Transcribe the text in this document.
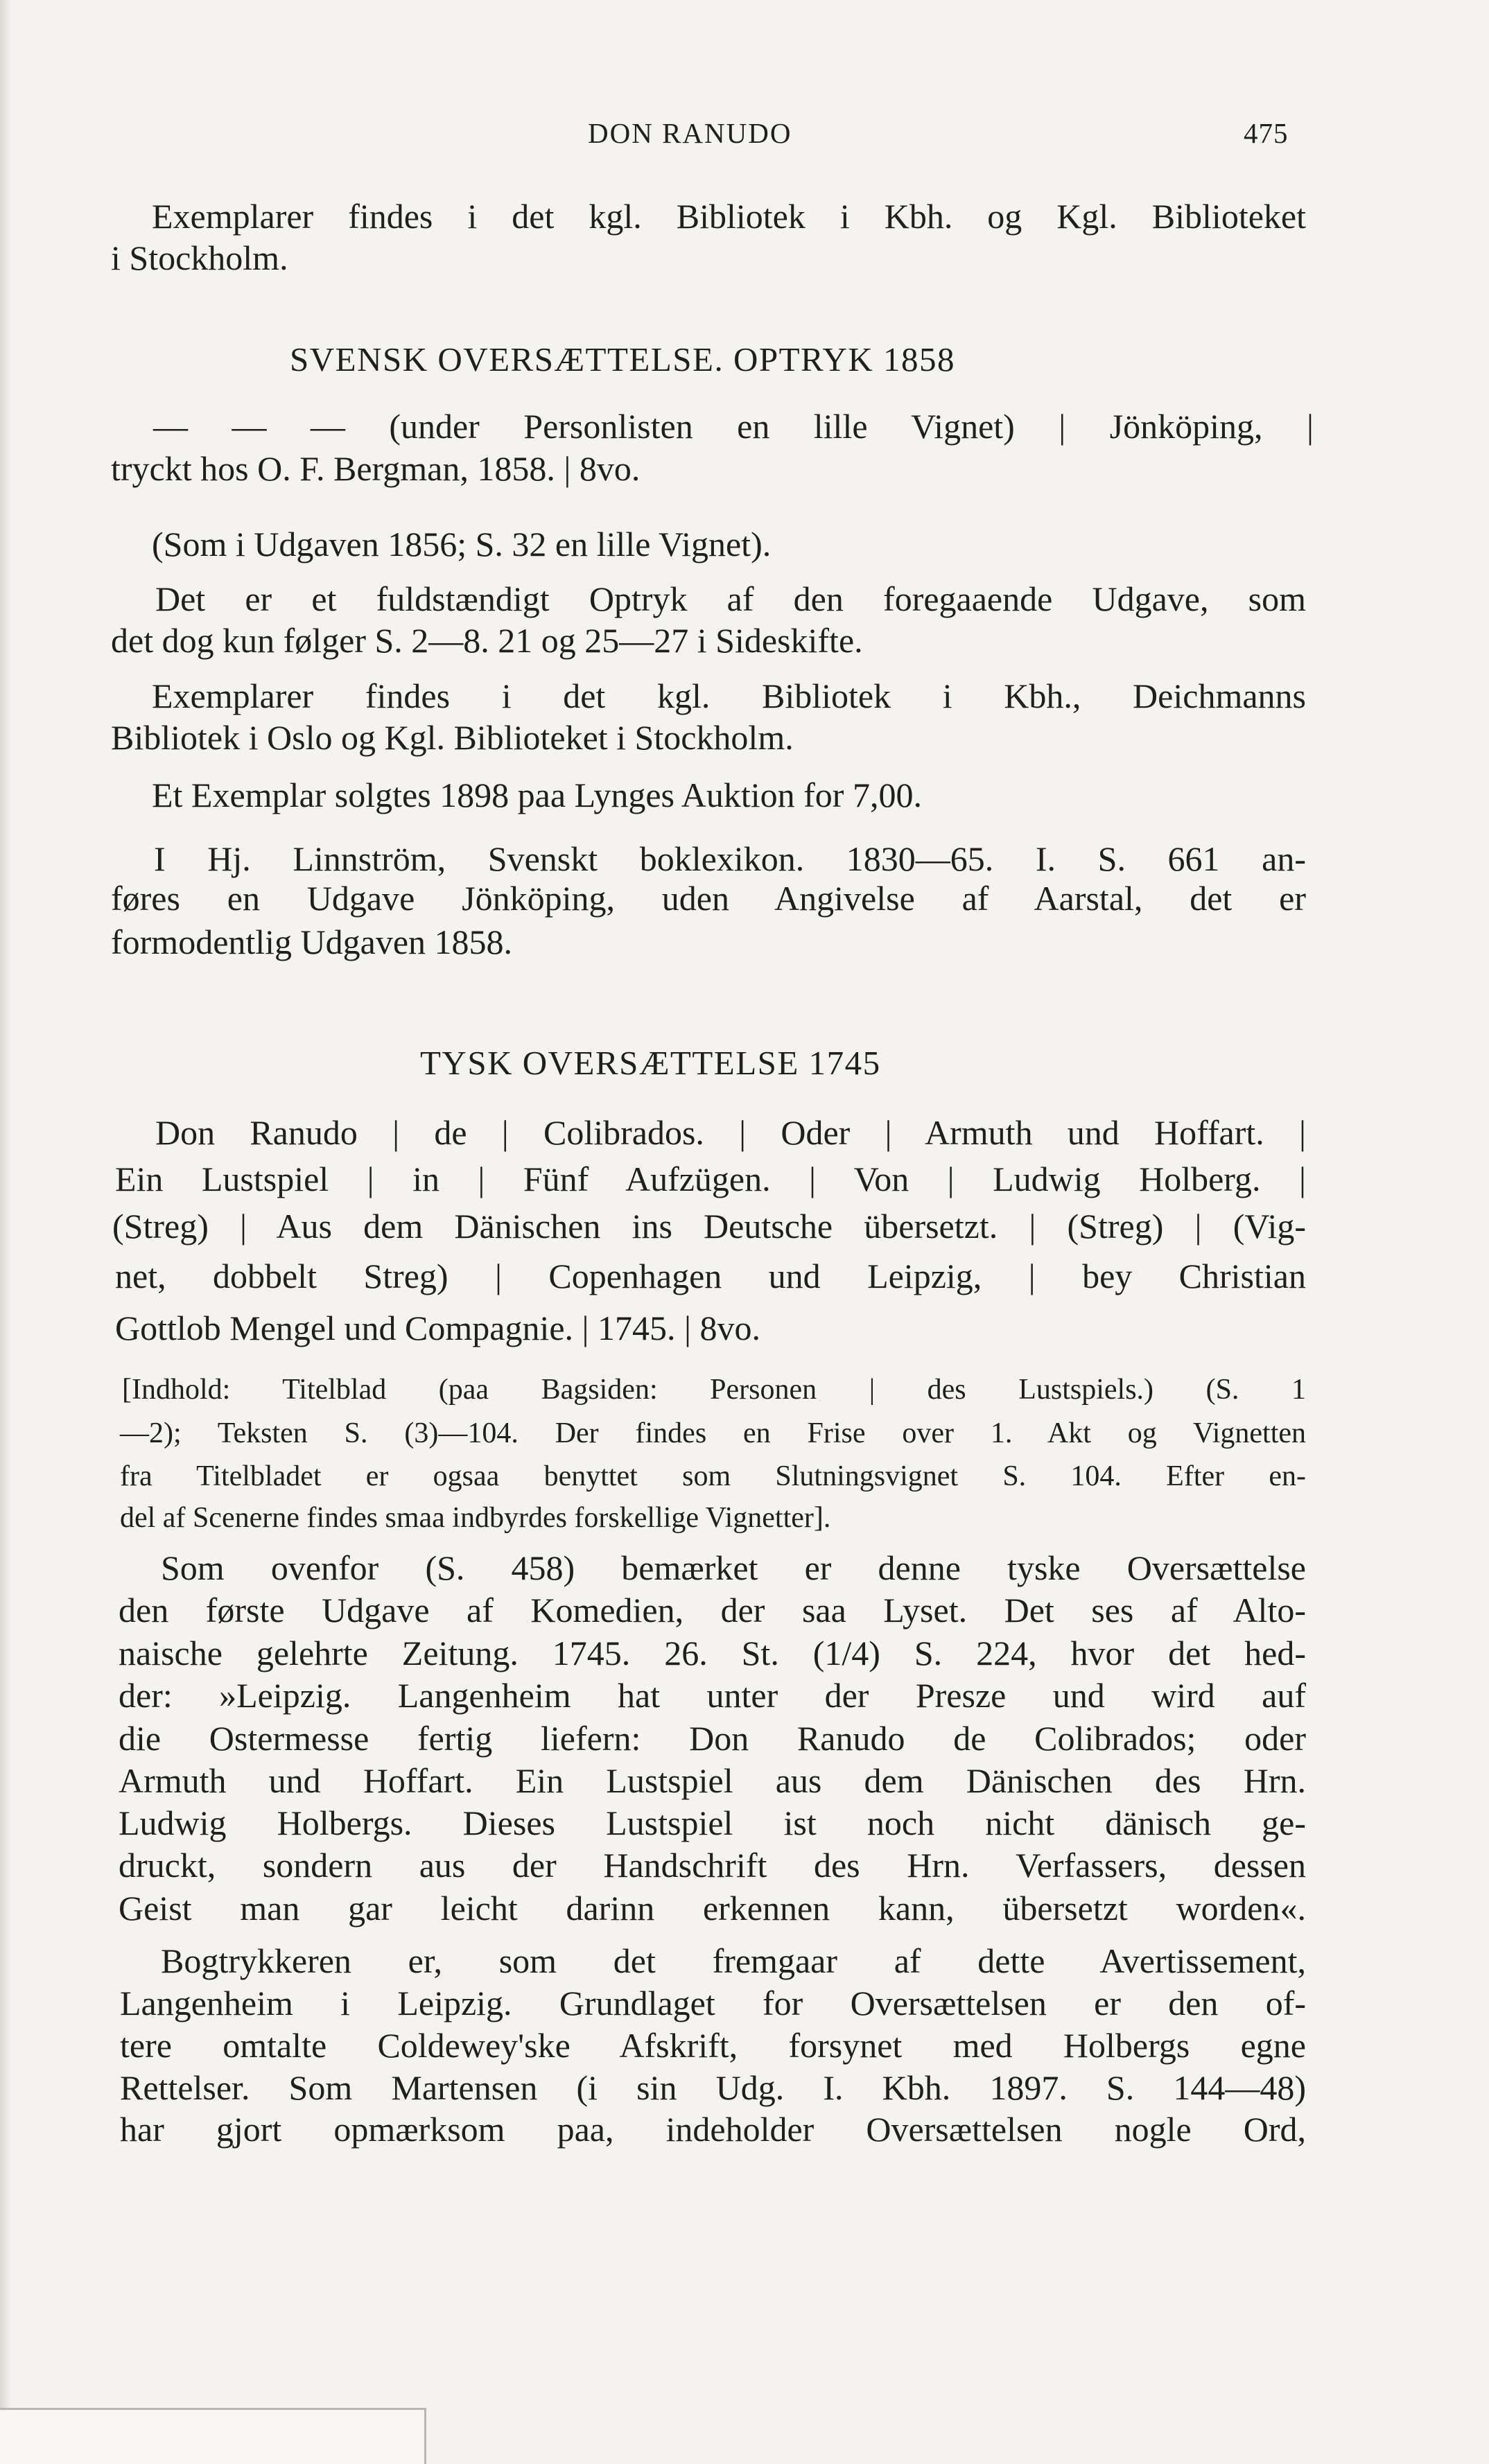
DON RANUDO	475
Exemplarer findes i det kgl. Bibliotek i Kbh. og Kgl. Biblioteket
i Stockholm.
SVENSK OVERSÆTTELSE. OPTRYK 1858
— — — (under Personlisten en lille Vignet) | Jönköping, |
tryckt hos O. F. Bergman, 1858. | 8vo.
(Som i Udgaven 1856; S. 32 en lille Vignet).
Det er et fuldstændigt Optryk af den foregaaende Udgave, som
det dog kun følger S. 2—8. 21 og 25—27 i Sideskifte.
Exemplarer findes i det kgl. Bibliotek i Kbh., Deichmanns
Bibliotek i Oslo og Kgl. Biblioteket i Stockholm.
Et Exemplar solgtes 1898 paa Lynges Auktion for 7,00.
I Hj. Linnström, Svenskt boklexikon. 1830—65. I. S. 661 an-
føres en Udgave Jönköping, uden Angivelse af Aarstal, det er
formodentlig Udgaven 1858.
TYSK OVERSÆTTELSE 1745
Don Ranudo | de | Colibrados. | Oder | Armuth und Hoffart. |
Ein Lustspiel | in | Fünf Aufzügen. | Von | Ludwig Holberg. |
(Streg) | Aus dem Dänischen ins Deutsche übersetzt. | (Streg) | (Vig-
net, dobbelt Streg) | Copenhagen und Leipzig, | bey Christian
Gottlob Mengel und Compagnie. | 1745. | 8vo.
[Indhold: Titelblad (paa Bagsiden: Personen | des Lustspiels.) (S. 1
—2); Teksten S. (3)—104. Der findes en Frise over 1. Akt og Vignetten
fra Titelbladet er ogsaa benyttet som Slutningsvignet S. 104. Efter en-
del af Scenerne findes smaa indbyrdes forskellige Vignetter].
Som ovenfor (S. 458) bemærket er denne tyske Oversættelse
den første Udgave af Komedien, der saa Lyset. Det ses af Alto-
naische gelehrte Zeitung. 1745. 26. St. (1/4) S. 224, hvor det hed-
der: »Leipzig. Langenheim hat unter der Presze und wird auf
die Ostermesse fertig liefern: Don Ranudo de Colibrados; oder
Armuth und Hoffart. Ein Lustspiel aus dem Dänischen des Hrn.
Ludwig Holbergs. Dieses Lustspiel ist noch nicht dänisch ge-
druckt, sondern aus der Handschrift des Hrn. Verfassers, dessen
Geist man gar leicht darinn erkennen kann, übersetzt worden«.
Bogtrykkeren er, som det fremgaar af dette Avertissement,
Langenheim i Leipzig. Grundlaget for Oversættelsen er den of-
tere omtalte Coldewey'ske Afskrift, forsynet med Holbergs egne
Rettelser. Som Martensen (i sin Udg. I. Kbh. 1897. S. 144—48)
har gjort opmærksom paa, indeholder Oversættelsen nogle Ord,
